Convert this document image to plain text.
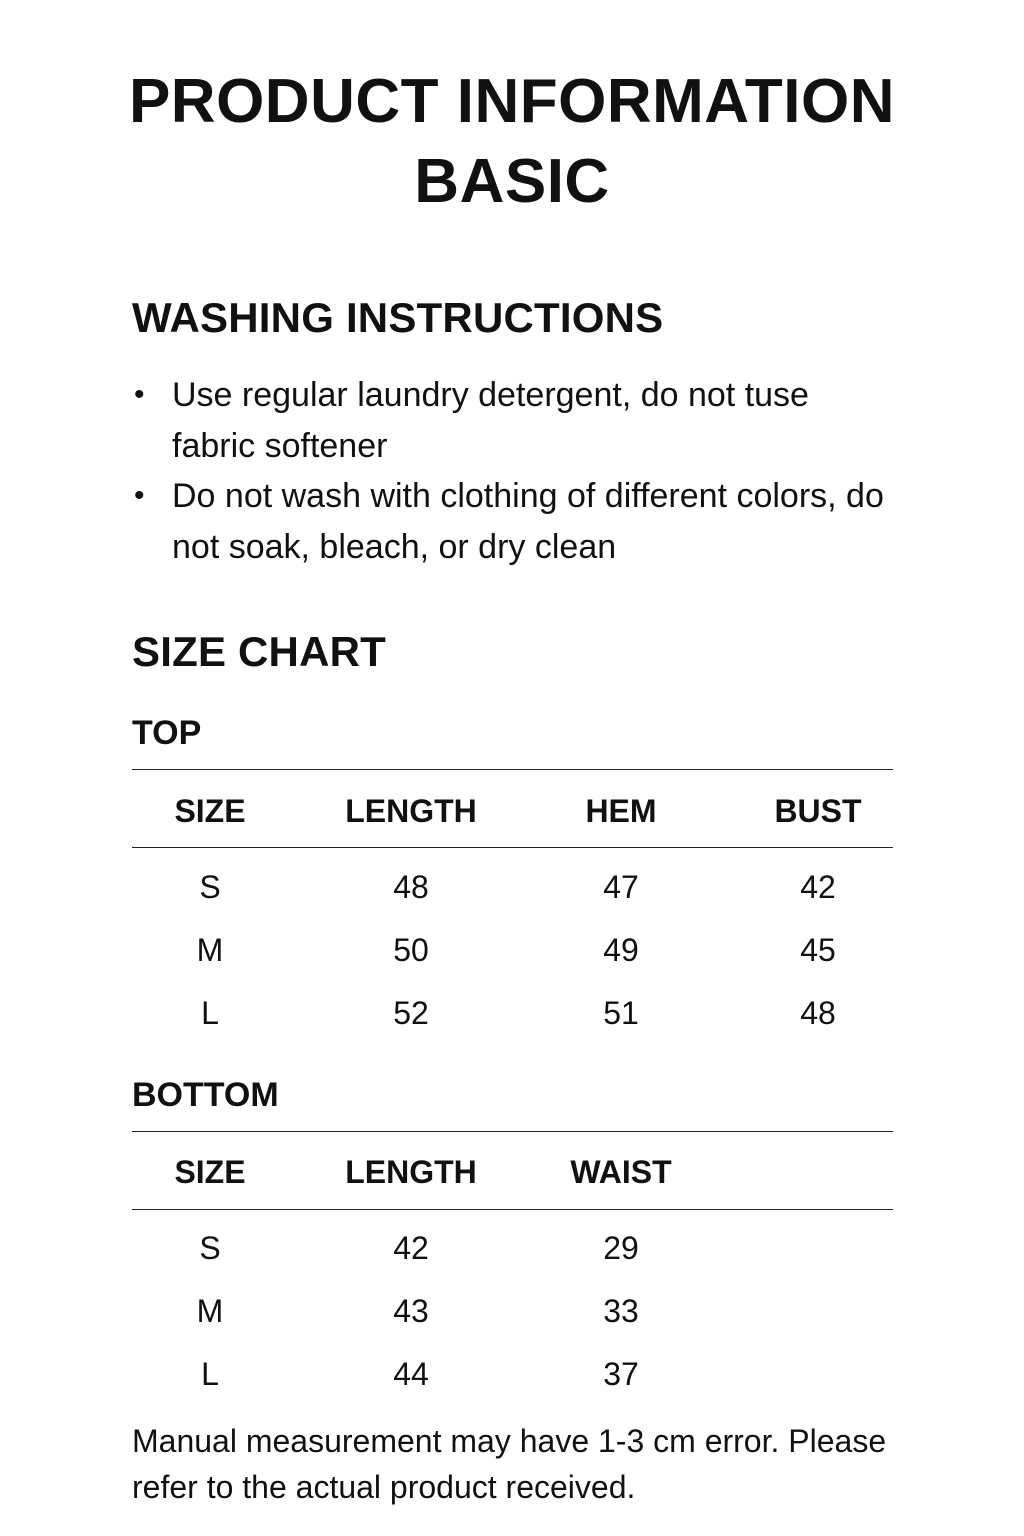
PRODUCT INFORMATION
BASIC
WASHING INSTRUCTIONS
• Use regular laundry detergent, do not tuse fabric softener
• Do not wash with clothing of different colors, do not soak, bleach, or dry clean
SIZE CHART
TOP
SIZE	LENGTH	HEM	BUST
S	48	47	42
M	50	49	45
L	52	51	48
BOTTOM
SIZE	LENGTH	WAIST
S	42	29
M	43	33
L	44	37

Manual measurement may have 1-3 cm error. Please refer to the actual product received.
